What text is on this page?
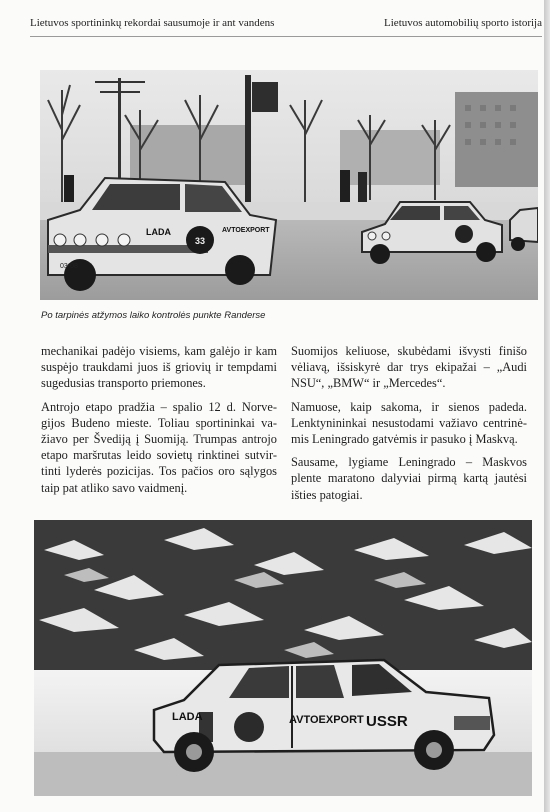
Lietuvos sportininkų rekordai sausumoje ir ant vandens	Lietuvos automobilių sporto istorija
LADA
33
AVTOEXPORT
03-08
Po tarpinės atžymos laiko kontrolės punkte Randerse

mechanikai padėjo visiems, kam galėjo ir kam
suspėjo traukdami juos iš griovių ir tempdami
sugedusias transporto priemones.

Antrojo etapo pradžia – spalio 12 d. Norve-
gijos Budeno mieste. Toliau sportininkai va-
žiavo per Švediją į Suomiją. Trumpas antrojo
etapo maršrutas leido sovietų rinktinei sutvir-
tinti lyderės pozicijas. Tos pačios oro sąlygos
taip pat atliko savo vaidmenį.

Suomijos keliuose, skubėdami išvysti finišo
vėliavą, išsiskyrė dar trys ekipažai – „Audi
NSU“, „BMW“ ir „Mercedes“.

Namuose, kaip sakoma, ir sienos padeda.
Lenktynininkai nesustodami važiavo centrinė-
mis Leningrado gatvėmis ir pasuko į Maskvą.

Sausame, lygiame Leningrado – Maskvos
plente maratono dalyviai pirmą kartą jautėsi
išties patogiai.

LADA	AVTOEXPORT USSR
